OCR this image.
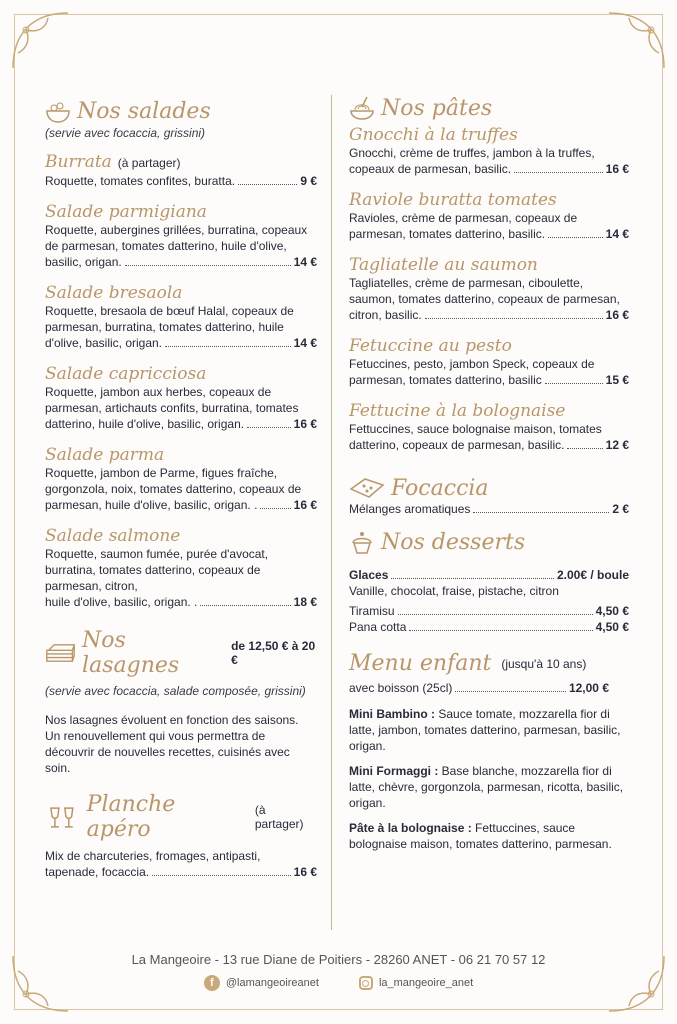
Nos salades
(servie avec focaccia, grissini)
Burrata (à partager)
Roquette, tomates confites, buratta.	9 €
Salade parmigiana
Roquette, aubergines grillées, burratina, copeaux de parmesan, tomates datterino, huile d'olive,
basilic, origan.	14 €
Salade bresaola
Roquette, bresaola de bœuf Halal, copeaux de parmesan, burratina, tomates datterino, huile
d'olive, basilic, origan.	14 €
Salade capricciosa
Roquette, jambon aux herbes, copeaux de parmesan, artichauts confits, burratina, tomates
datterino, huile d'olive, basilic, origan.	16 €
Salade parma
Roquette, jambon de Parme, figues fraîche, gorgonzola, noix, tomates datterino, copeaux de
parmesan, huile d'olive, basilic, origan. .	16 €
Salade salmone
Roquette, saumon fumée, purée d'avocat, burratina, tomates datterino, copeaux de parmesan, citron,
huile d'olive, basilic, origan. .	18 €
Nos lasagnes
de 12,50 € à 20 €
(servie avec focaccia, salade composée, grissini)
Nos lasagnes évoluent en fonction des saisons. Un renouvellement qui vous permettra de découvrir de nouvelles recettes, cuisinés avec soin.
Planche apéro
(à partager)
Mix de charcuteries, fromages, antipasti,
tapenade, focaccia.	16 €
Nos pâtes
Gnocchi à la truffes
Gnocchi, crème de truffes, jambon à la truffes,
copeaux de parmesan, basilic.	16 €
Raviole buratta tomates
Ravioles, crème de parmesan, copeaux de
parmesan, tomates datterino, basilic.	14 €
Tagliatelle au saumon
Tagliatelles, crème de parmesan, ciboulette, saumon, tomates datterino, copeaux de parmesan,
citron, basilic.	16 €
Fetuccine au pesto
Fetuccines, pesto, jambon Speck, copeaux de
parmesan, tomates datterino, basilic	15 €
Fettucine à la bolognaise
Fettuccines, sauce bolognaise maison, tomates
datterino, copeaux de parmesan, basilic.	12 €
Focaccia
Mélanges aromatiques	2 €
Nos desserts
Glaces	2.00€ / boule
Vanille, chocolat, fraise, pistache, citron
Tiramisu	4,50 €
Pana cotta	4,50 €
Menu enfant (jusqu'à 10 ans)
avec boisson (25cl)	12,00 €
Mini Bambino : Sauce tomate, mozzarella fior di latte, jambon, tomates datterino, parmesan, basilic, origan.
Mini Formaggi : Base blanche, mozzarella fior di latte, chèvre, gorgonzola, parmesan, ricotta, basilic, origan.
Pâte à la bolognaise : Fettuccines, sauce bolognaise maison, tomates datterino, parmesan.
La Mangeoire - 13 rue Diane de Poitiers - 28260 ANET - 06 21 70 57 12
f	@lamangeoireanet	la_mangeoire_anet
